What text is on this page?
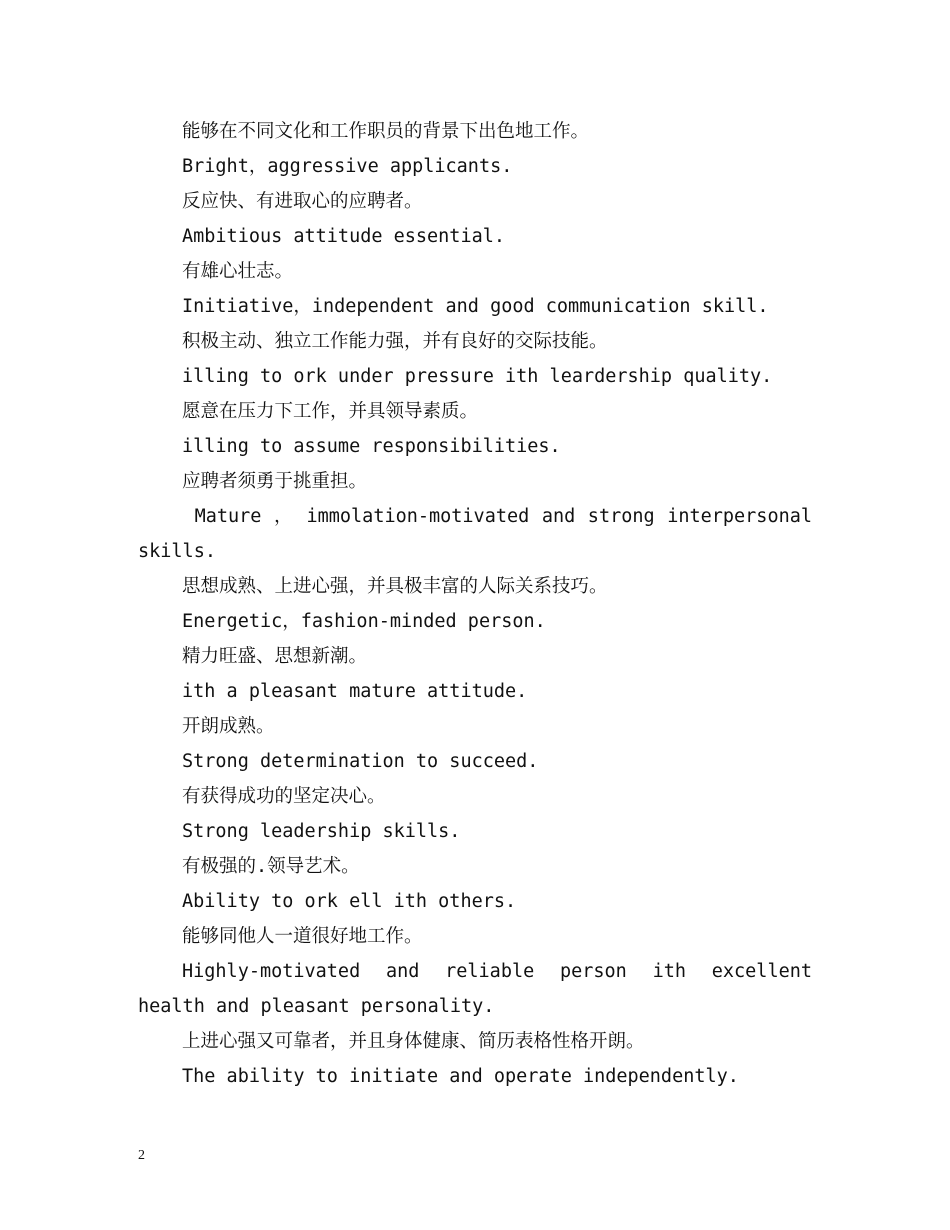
能够在不同文化和工作职员的背景下出色地工作。

Bright，aggressive applicants.

反应快、有进取心的应聘者。

Ambitious attitude essential.

有雄心壮志。

Initiative，independent and good communication skill.

积极主动、独立工作能力强，并有良好的交际技能。

illing to ork under pressure ith leardership quality.

愿意在压力下工作，并具领导素质。

illing to assume responsibilities.

应聘者须勇于挑重担。

Mature ， immolation-motivated and strong interpersonal skills.

思想成熟、上进心强，并具极丰富的人际关系技巧。

Energetic，fashion-minded person.

精力旺盛、思想新潮。

ith a pleasant mature attitude.

开朗成熟。

Strong determination to succeed.

有获得成功的坚定决心。

Strong leadership skills.

有极强的.领导艺术。

Ability to ork ell ith others.

能够同他人一道很好地工作。

Highly-motivated and reliable person ith excellent health and pleasant personality.

上进心强又可靠者，并且身体健康、简历表格性格开朗。

The ability to initiate and operate independently.

2
